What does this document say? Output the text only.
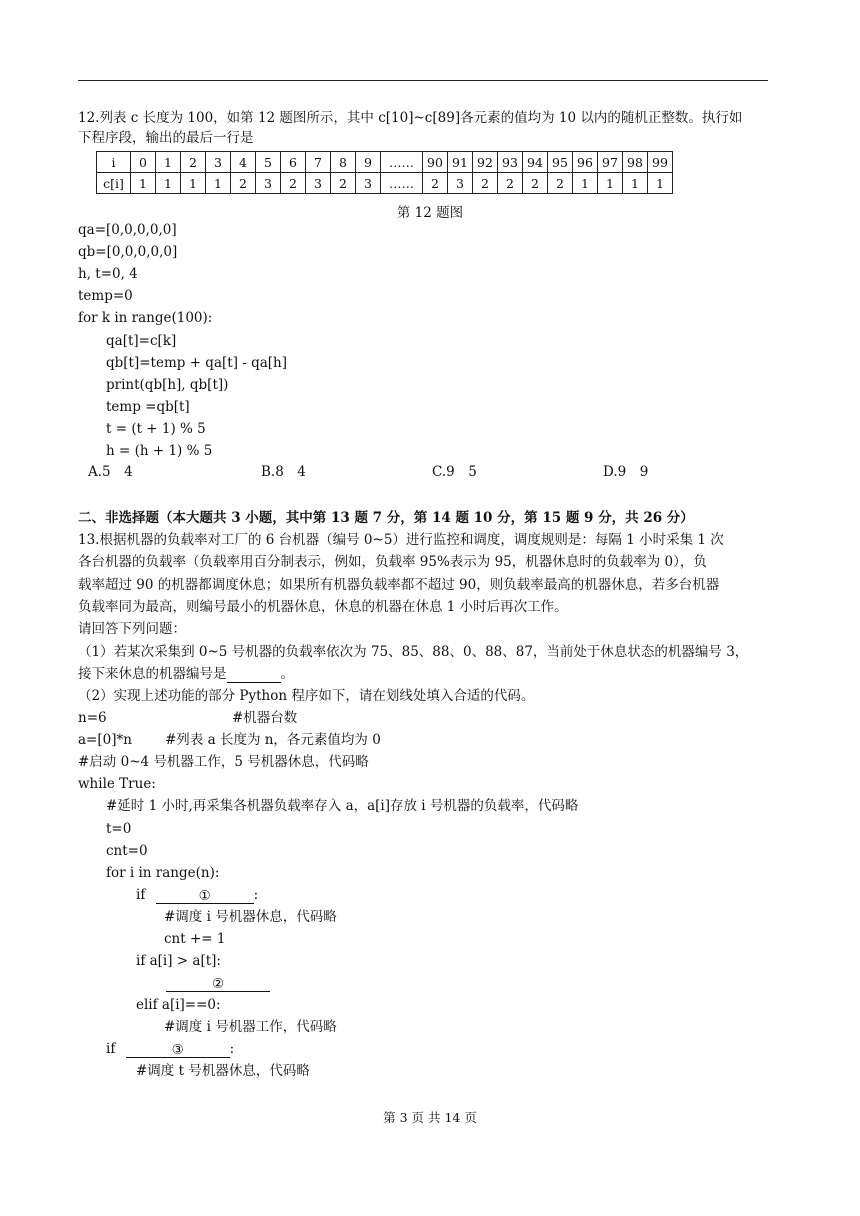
12.列表 c 长度为 100，如第 12 题图所示，其中 c[10]~c[89]各元素的值均为 10 以内的随机正整数。执行如
下程序段，输出的最后一行是
i	0	1	2	3	4	5	6	7	8	9	……	90	91	92	93	94	95	96	97	98	99
c[i]	1	1	1	1	2	3	2	3	2	3	……	2	3	2	2	2	2	1	1	1	1
第 12 题图
qa=[0,0,0,0,0]
qb=[0,0,0,0,0]
h, t=0, 4
temp=0
for k in range(100):
qa[t]=c[k]
qb[t]=temp + qa[t] - qa[h]
print(qb[h], qb[t])
temp =qb[t]
t = (t + 1) % 5
h = (h + 1) % 5
A.5　4	B.8　4	C.9　5	D.9　9
二、非选择题（本大题共 3 小题，其中第 13 题 7 分，第 14 题 10 分，第 15 题 9 分，共 26 分）
13.根据机器的负载率对工厂的 6 台机器（编号 0~5）进行监控和调度，调度规则是：每隔 1 小时采集 1 次
各台机器的负载率（负载率用百分制表示，例如，负载率 95%表示为 95，机器休息时的负载率为 0），负
载率超过 90 的机器都调度休息；如果所有机器负载率都不超过 90，则负载率最高的机器休息，若多台机器
负载率同为最高，则编号最小的机器休息，休息的机器在休息 1 小时后再次工作。
请回答下列问题：
（1）若某次采集到 0~5 号机器的负载率依次为 75、85、88、0、88、87，当前处于休息状态的机器编号 3，
接下来休息的机器编号是	。
（2）实现上述功能的部分 Python 程序如下，请在划线处填入合适的代码。
n=6	#机器台数
a=[0]*n #列表 a 长度为 n，各元素值均为 0
#启动 0~4 号机器工作，5 号机器休息，代码略
while True:
#延时 1 小时,再采集各机器负载率存入 a，a[i]存放 i 号机器的负载率，代码略
t=0
cnt=0
for i in range(n):
if	①	:
#调度 i 号机器休息，代码略
cnt += 1
if a[i] > a[t]:
②
elif a[i]==0:
#调度 i 号机器工作，代码略
if	③	:
#调度 t 号机器休息，代码略
第 3 页 共 14 页
